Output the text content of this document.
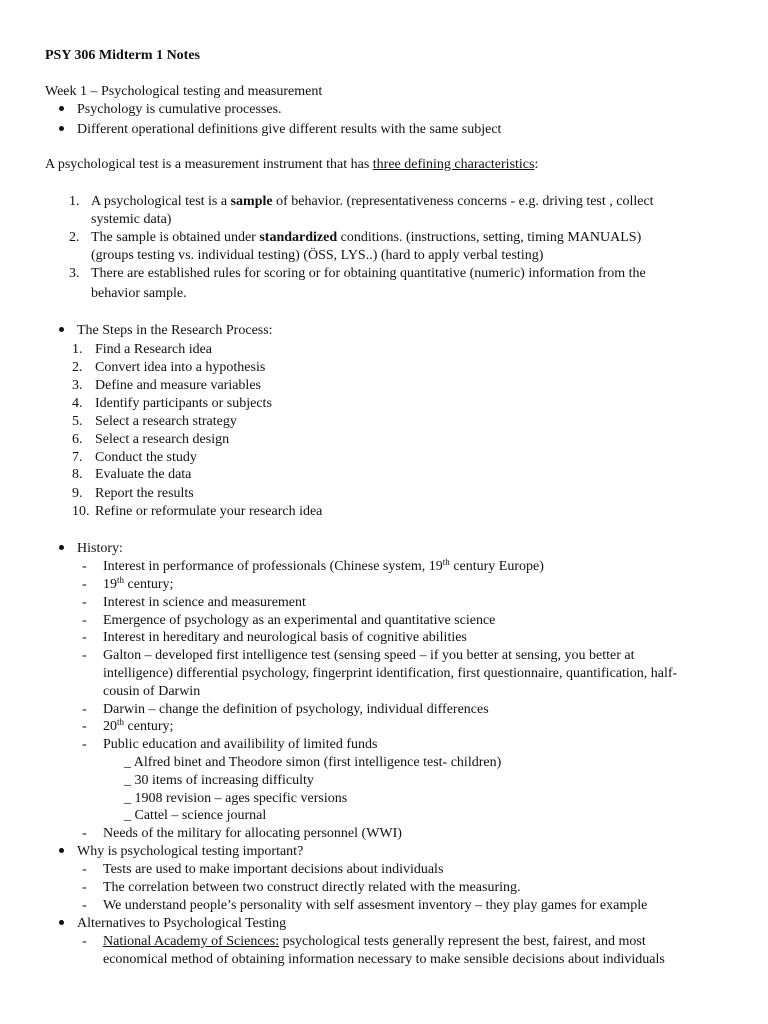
PSY 306 Midterm 1 Notes
Week 1 – Psychological testing and measurement
Psychology is cumulative processes.
Different operational definitions give different results with the same subject
A psychological test is a measurement instrument that has three defining characteristics:
1. A psychological test is a sample of behavior. (representativeness concerns - e.g. driving test , collect
systemic data)
2. The sample is obtained under standardized conditions. (instructions, setting, timing MANUALS)
(groups testing vs. individual testing) (ÖSS, LYS..) (hard to apply verbal testing)
3. There are established rules for scoring or for obtaining quantitative (numeric) information from the
behavior sample.
The Steps in the Research Process:
1. Find a Research idea
2. Convert idea into a hypothesis
3. Define and measure variables
4. Identify participants or subjects
5. Select a research strategy
6. Select a research design
7. Conduct the study
8. Evaluate the data
9. Report the results
10. Refine or reformulate your research idea
History:
- Interest in performance of professionals (Chinese system, 19th century Europe)
- 19th century;
- Interest in science and measurement
- Emergence of psychology as an experimental and quantitative science
- Interest in hereditary and neurological basis of cognitive abilities
- Galton – developed first intelligence test (sensing speed – if you better at sensing, you better at
intelligence) differential psychology, fingerprint identification, first questionnaire, quantification, half-
cousin of Darwin
- Darwin – change the definition of psychology, individual differences
- 20th century;
- Public education and availibility of limited funds
_ Alfred binet and Theodore simon (first intelligence test- children)
_ 30 items of increasing difficulty
_ 1908 revision – ages specific versions
_ Cattel – science journal
- Needs of the military for allocating personnel (WWI)
Why is psychological testing important?
- Tests are used to make important decisions about individuals
- The correlation between two construct directly related with the measuring.
- We understand people’s personality with self assesment inventory – they play games for example
Alternatives to Psychological Testing
- National Academy of Sciences: psychological tests generally represent the best, fairest, and most
economical method of obtaining information necessary to make sensible decisions about individuals
